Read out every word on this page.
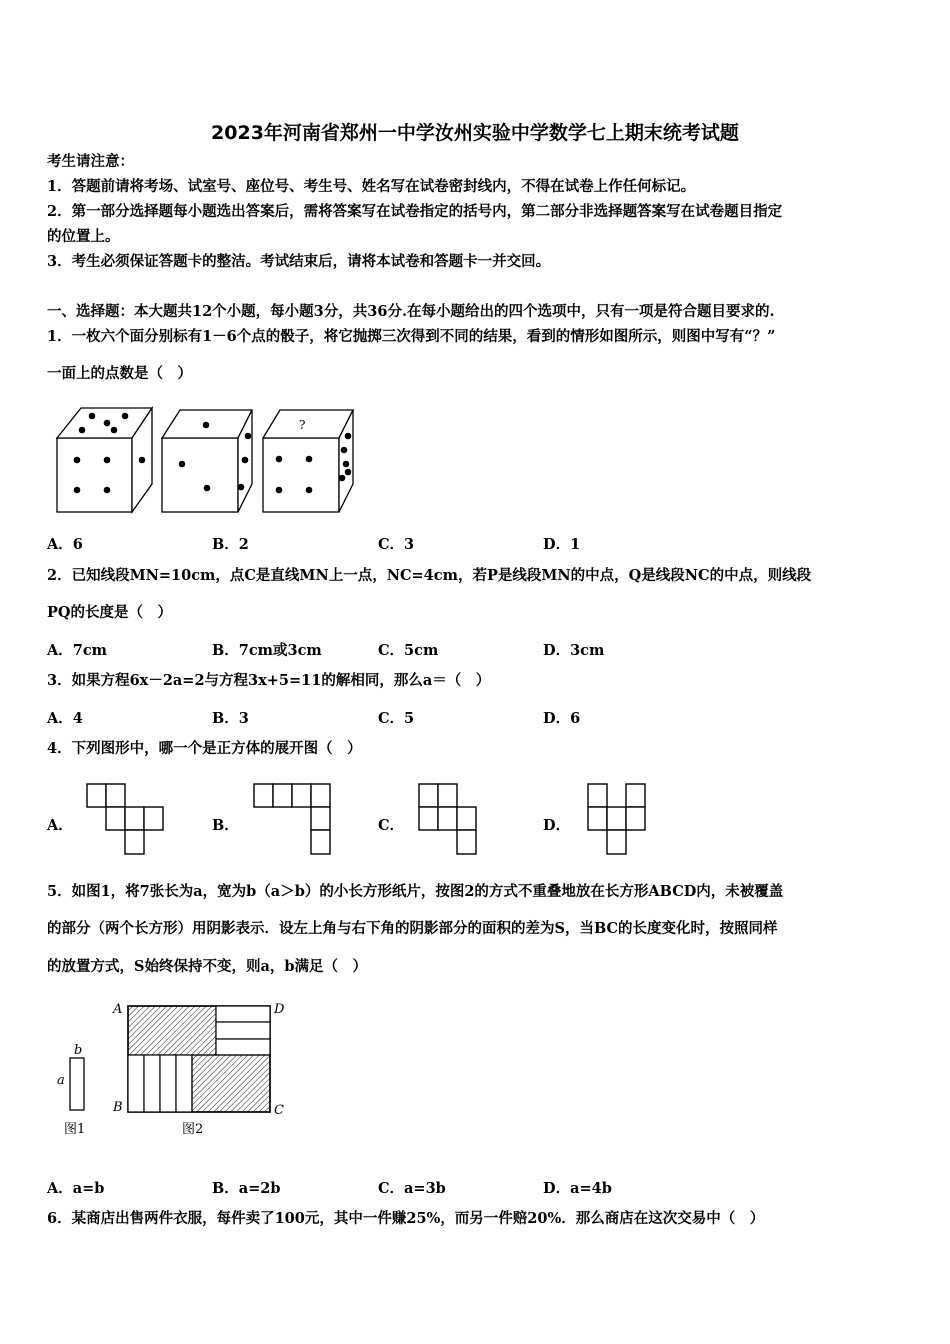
2023年河南省郑州一中学汝州实验中学数学七上期末统考试题
考生请注意：
1．答题前请将考场、试室号、座位号、考生号、姓名写在试卷密封线内，不得在试卷上作任何标记。
2．第一部分选择题每小题选出答案后，需将答案写在试卷指定的括号内，第二部分非选择题答案写在试卷题目指定
的位置上。
3．考生必须保证答题卡的整洁。考试结束后，请将本试卷和答题卡一并交回。
一、选择题：本大题共12个小题，每小题3分，共36分.在每小题给出的四个选项中，只有一项是符合题目要求的.
1．一枚六个面分别标有1－6个点的骰子，将它抛掷三次得到不同的结果，看到的情形如图所示，则图中写有“？”
一面上的点数是（　）
?
A．6	B．2	C．3	D．1
2．已知线段MN=10cm，点C是直线MN上一点，NC=4cm，若P是线段MN的中点，Q是线段NC的中点，则线段
PQ的长度是（　）
A．7cm	B．7cm或3cm	C．5cm	D．3cm
3．如果方程6x－2a=2与方程3x+5=11的解相同，那么a＝（　）
A．4	B．3	C．5	D．6
4．下列图形中，哪一个是正方体的展开图（　）
A．	B．	C．	D．
5．如图1，将7张长为a，宽为b（a＞b）的小长方形纸片，按图2的方式不重叠地放在长方形ABCD内，未被覆盖
的部分（两个长方形）用阴影表示．设左上角与右下角的阴影部分的面积的差为S，当BC的长度变化时，按照同样
的放置方式，S始终保持不变，则a，b满足（　）
b
a
A	D
B	C
图1	图2
A．a=b	B．a=2b	C．a=3b	D．a=4b
6．某商店出售两件衣服，每件卖了100元，其中一件赚25%，而另一件赔20%．那么商店在这次交易中（　）
